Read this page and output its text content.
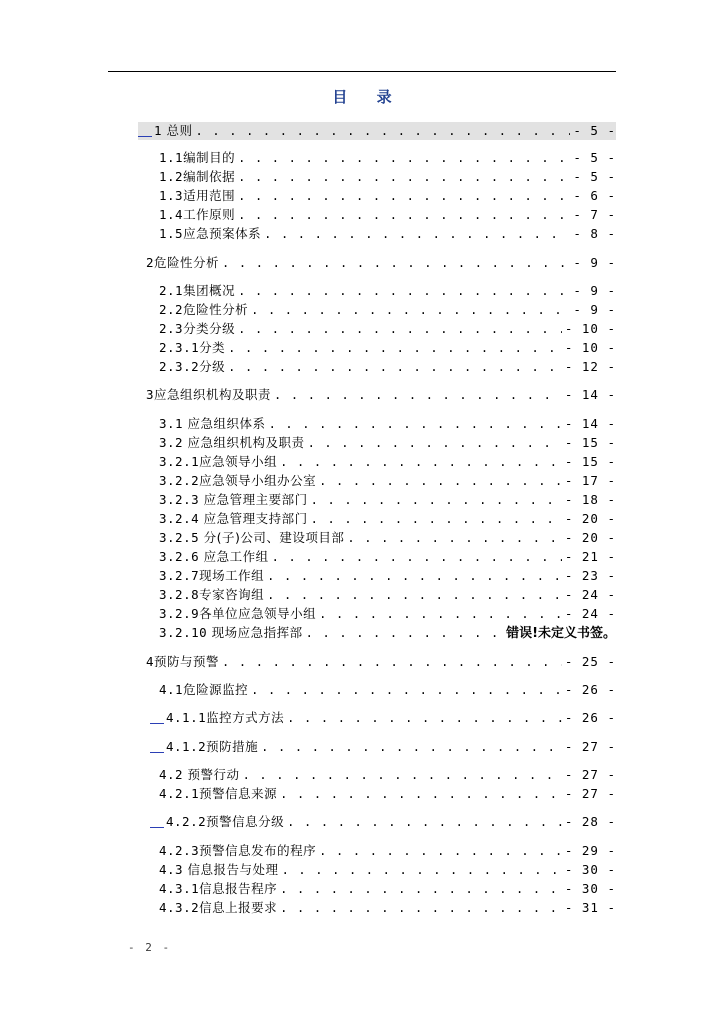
目 录
1 总则 . . .	- 5 -
1.1编制目的 . . .	- 5 -
1.2编制依据 . . .	- 5 -
1.3适用范围 . . .	- 6 -
1.4工作原则 . . .	- 7 -
1.5应急预案体系 . . .	- 8 -
2危险性分析 . . .	- 9 -
2.1集团概况 . . .	- 9 -
2.2危险性分析 . . .	- 9 -
2.3分类分级 . . .	- 10 -
2.3.1分类 . . .	- 10 -
2.3.2分级 . . .	- 12 -
3应急组织机构及职责 . . .	- 14 -
3.1 应急组织体系 . . .	- 14 -
3.2 应急组织机构及职责 . . .	- 15 -
3.2.1应急领导小组 . . .	- 15 -
3.2.2应急领导小组办公室 . . .	- 17 -
3.2.3 应急管理主要部门 . . .	- 18 -
3.2.4 应急管理支持部门 . . .	- 20 -
3.2.5 分(子)公司、建设项目部 . . .	- 20 -
3.2.6 应急工作组 . . .	- 21 -
3.2.7现场工作组 . . .	- 23 -
3.2.8专家咨询组 . . .	- 24 -
3.2.9各单位应急领导小组 . . .	- 24 -
3.2.10 现场应急指挥部 . . .	错误!未定义书签。
4预防与预警 . . .	- 25 -
4.1危险源监控 . . .	- 26 -
4.1.1监控方式方法 . . .	- 26 -
4.1.2预防措施 . . .	- 27 -
4.2 预警行动 . . .	- 27 -
4.2.1预警信息来源 . . .	- 27 -
4.2.2预警信息分级 . . .	- 28 -
4.2.3预警信息发布的程序 . . .	- 29 -
4.3 信息报告与处理 . . .	- 30 -
4.3.1信息报告程序 . . .	- 30 -
4.3.2信息上报要求 . . .	- 31 -
- 2 -
